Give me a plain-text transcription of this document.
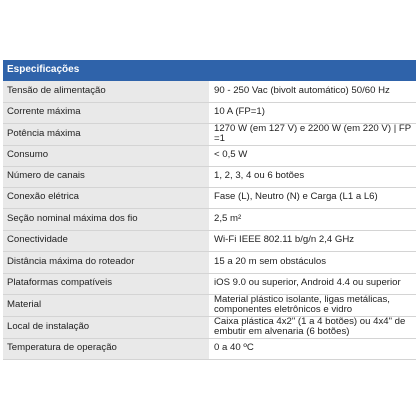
Especificações	
Tensão de alimentação	90 - 250 Vac (bivolt automático) 50/60 Hz
Corrente máxima	10 A (FP=1)
Potência máxima	1270 W (em 127 V) e 2200 W (em 220 V) | FP =1
Consumo	< 0,5 W
Número de canais	1, 2, 3, 4 ou 6 botões
Conexão elétrica	Fase (L), Neutro (N) e Carga (L1 a L6)
Seção nominal máxima dos fio	2,5 m²
Conectividade	Wi-Fi IEEE 802.11 b/g/n 2,4 GHz
Distância máxima do roteador	15 a 20 m sem obstáculos
Plataformas compatíveis	iOS 9.0 ou superior, Android 4.4 ou superior
Material	Material plástico isolante, ligas metálicas, componentes eletrônicos e vidro
Local de instalação	Caixa plástica 4x2" (1 a 4 botões) ou 4x4" de embutir em alvenaria (6 botões)
Temperatura de operação	0 a 40 ºC
